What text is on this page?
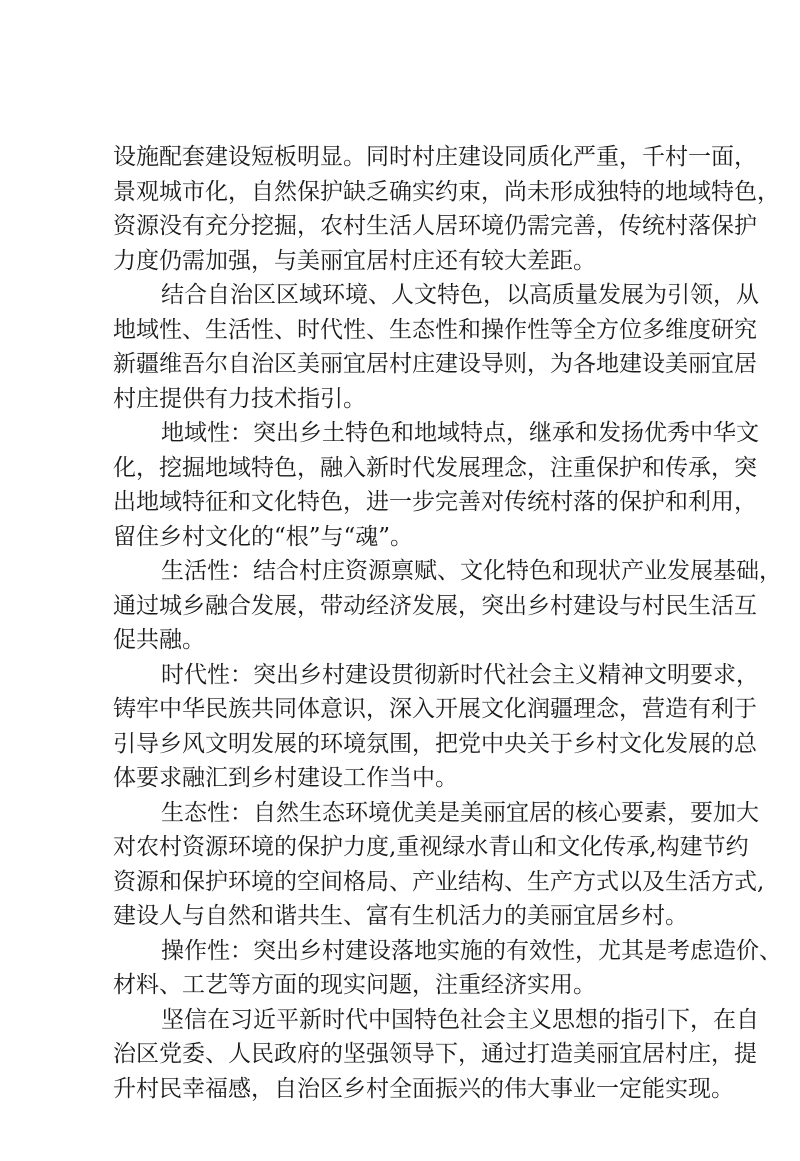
设施配套建设短板明显。同时村庄建设同质化严重，千村一面，
景观城市化，自然保护缺乏确实约束，尚未形成独特的地域特色，
资源没有充分挖掘，农村生活人居环境仍需完善，传统村落保护
力度仍需加强，与美丽宜居村庄还有较大差距。
结合自治区区域环境、人文特色，以高质量发展为引领，从
地域性、生活性、时代性、生态性和操作性等全方位多维度研究
新疆维吾尔自治区美丽宜居村庄建设导则，为各地建设美丽宜居
村庄提供有力技术指引。
地域性：突出乡土特色和地域特点，继承和发扬优秀中华文
化，挖掘地域特色，融入新时代发展理念，注重保护和传承，突
出地域特征和文化特色，进一步完善对传统村落的保护和利用，
留住乡村文化的“根”与“魂”。
生活性：结合村庄资源禀赋、文化特色和现状产业发展基础，
通过城乡融合发展，带动经济发展，突出乡村建设与村民生活互
促共融。
时代性：突出乡村建设贯彻新时代社会主义精神文明要求，
铸牢中华民族共同体意识，深入开展文化润疆理念，营造有利于
引导乡风文明发展的环境氛围，把党中央关于乡村文化发展的总
体要求融汇到乡村建设工作当中。
生态性：自然生态环境优美是美丽宜居的核心要素，要加大
对农村资源环境的保护力度,重视绿水青山和文化传承,构建节约
资源和保护环境的空间格局、产业结构、生产方式以及生活方式,
建设人与自然和谐共生、富有生机活力的美丽宜居乡村。
操作性：突出乡村建设落地实施的有效性，尤其是考虑造价、
材料、工艺等方面的现实问题，注重经济实用。
坚信在习近平新时代中国特色社会主义思想的指引下，在自
治区党委、人民政府的坚强领导下，通过打造美丽宜居村庄，提
升村民幸福感，自治区乡村全面振兴的伟大事业一定能实现。
